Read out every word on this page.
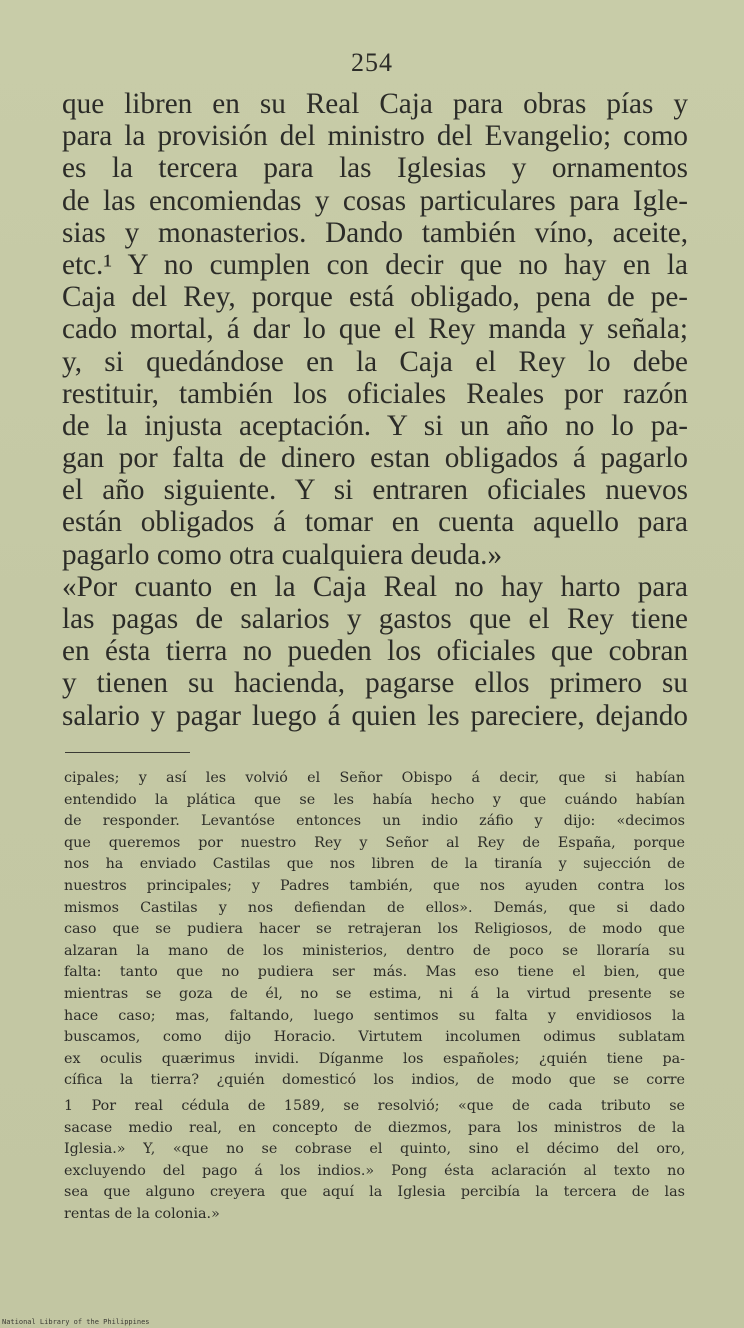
254
que libren en su Real Caja para obras pías y
para la provisión del ministro del Evangelio; como
es la tercera para las Iglesias y ornamentos
de las encomiendas y cosas particulares para Igle-
sias y monasterios. Dando también víno, aceite,
etc.¹ Y no cumplen con decir que no hay en la
Caja del Rey, porque está obligado, pena de pe-
cado mortal, á dar lo que el Rey manda y señala;
y, si quedándose en la Caja el Rey lo debe
restituir, también los oficiales Reales por razón
de la injusta aceptación. Y si un año no lo pa-
gan por falta de dinero estan obligados á pagarlo
el año siguiente. Y si entraren oficiales nuevos
están obligados á tomar en cuenta aquello para
pagarlo como otra cualquiera deuda.»
«Por cuanto en la Caja Real no hay harto para
las pagas de salarios y gastos que el Rey tiene
en ésta tierra no pueden los oficiales que cobran
y tienen su hacienda, pagarse ellos primero su
salario y pagar luego á quien les pareciere, dejando
cipales; y así les volvió el Señor Obispo á decir, que si habían
entendido la plática que se les había hecho y que cuándo habían
de responder. Levantóse entonces un indio záfio y dijo: «decimos
que queremos por nuestro Rey y Señor al Rey de España, porque
nos ha enviado Castilas que nos libren de la tiranía y sujección de
nuestros principales; y Padres también, que nos ayuden contra los
mismos Castilas y nos defiendan de ellos». Demás, que si dado
caso que se pudiera hacer se retrajeran los Religiosos, de modo que
alzaran la mano de los ministerios, dentro de poco se lloraría su
falta: tanto que no pudiera ser más. Mas eso tiene el bien, que
mientras se goza de él, no se estima, ni á la virtud presente se
hace caso; mas, faltando, luego sentimos su falta y envidiosos la
buscamos, como dijo Horacio. Virtutem incolumen odimus sublatam
ex oculis quærimus invidi. Díganme los españoles; ¿quién tiene pa-
cífica la tierra? ¿quién domesticó los indios, de modo que se corre
1 Por real cédula de 1589, se resolvió; «que de cada tributo se
sacase medio real, en concepto de diezmos, para los ministros de la
Iglesia.» Y, «que no se cobrase el quinto, sino el décimo del oro,
excluyendo del pago á los indios.» Pong ésta aclaración al texto no
sea que alguno creyera que aquí la Iglesia percibía la tercera de las
rentas de la colonia.»
National Library of the Philippines
